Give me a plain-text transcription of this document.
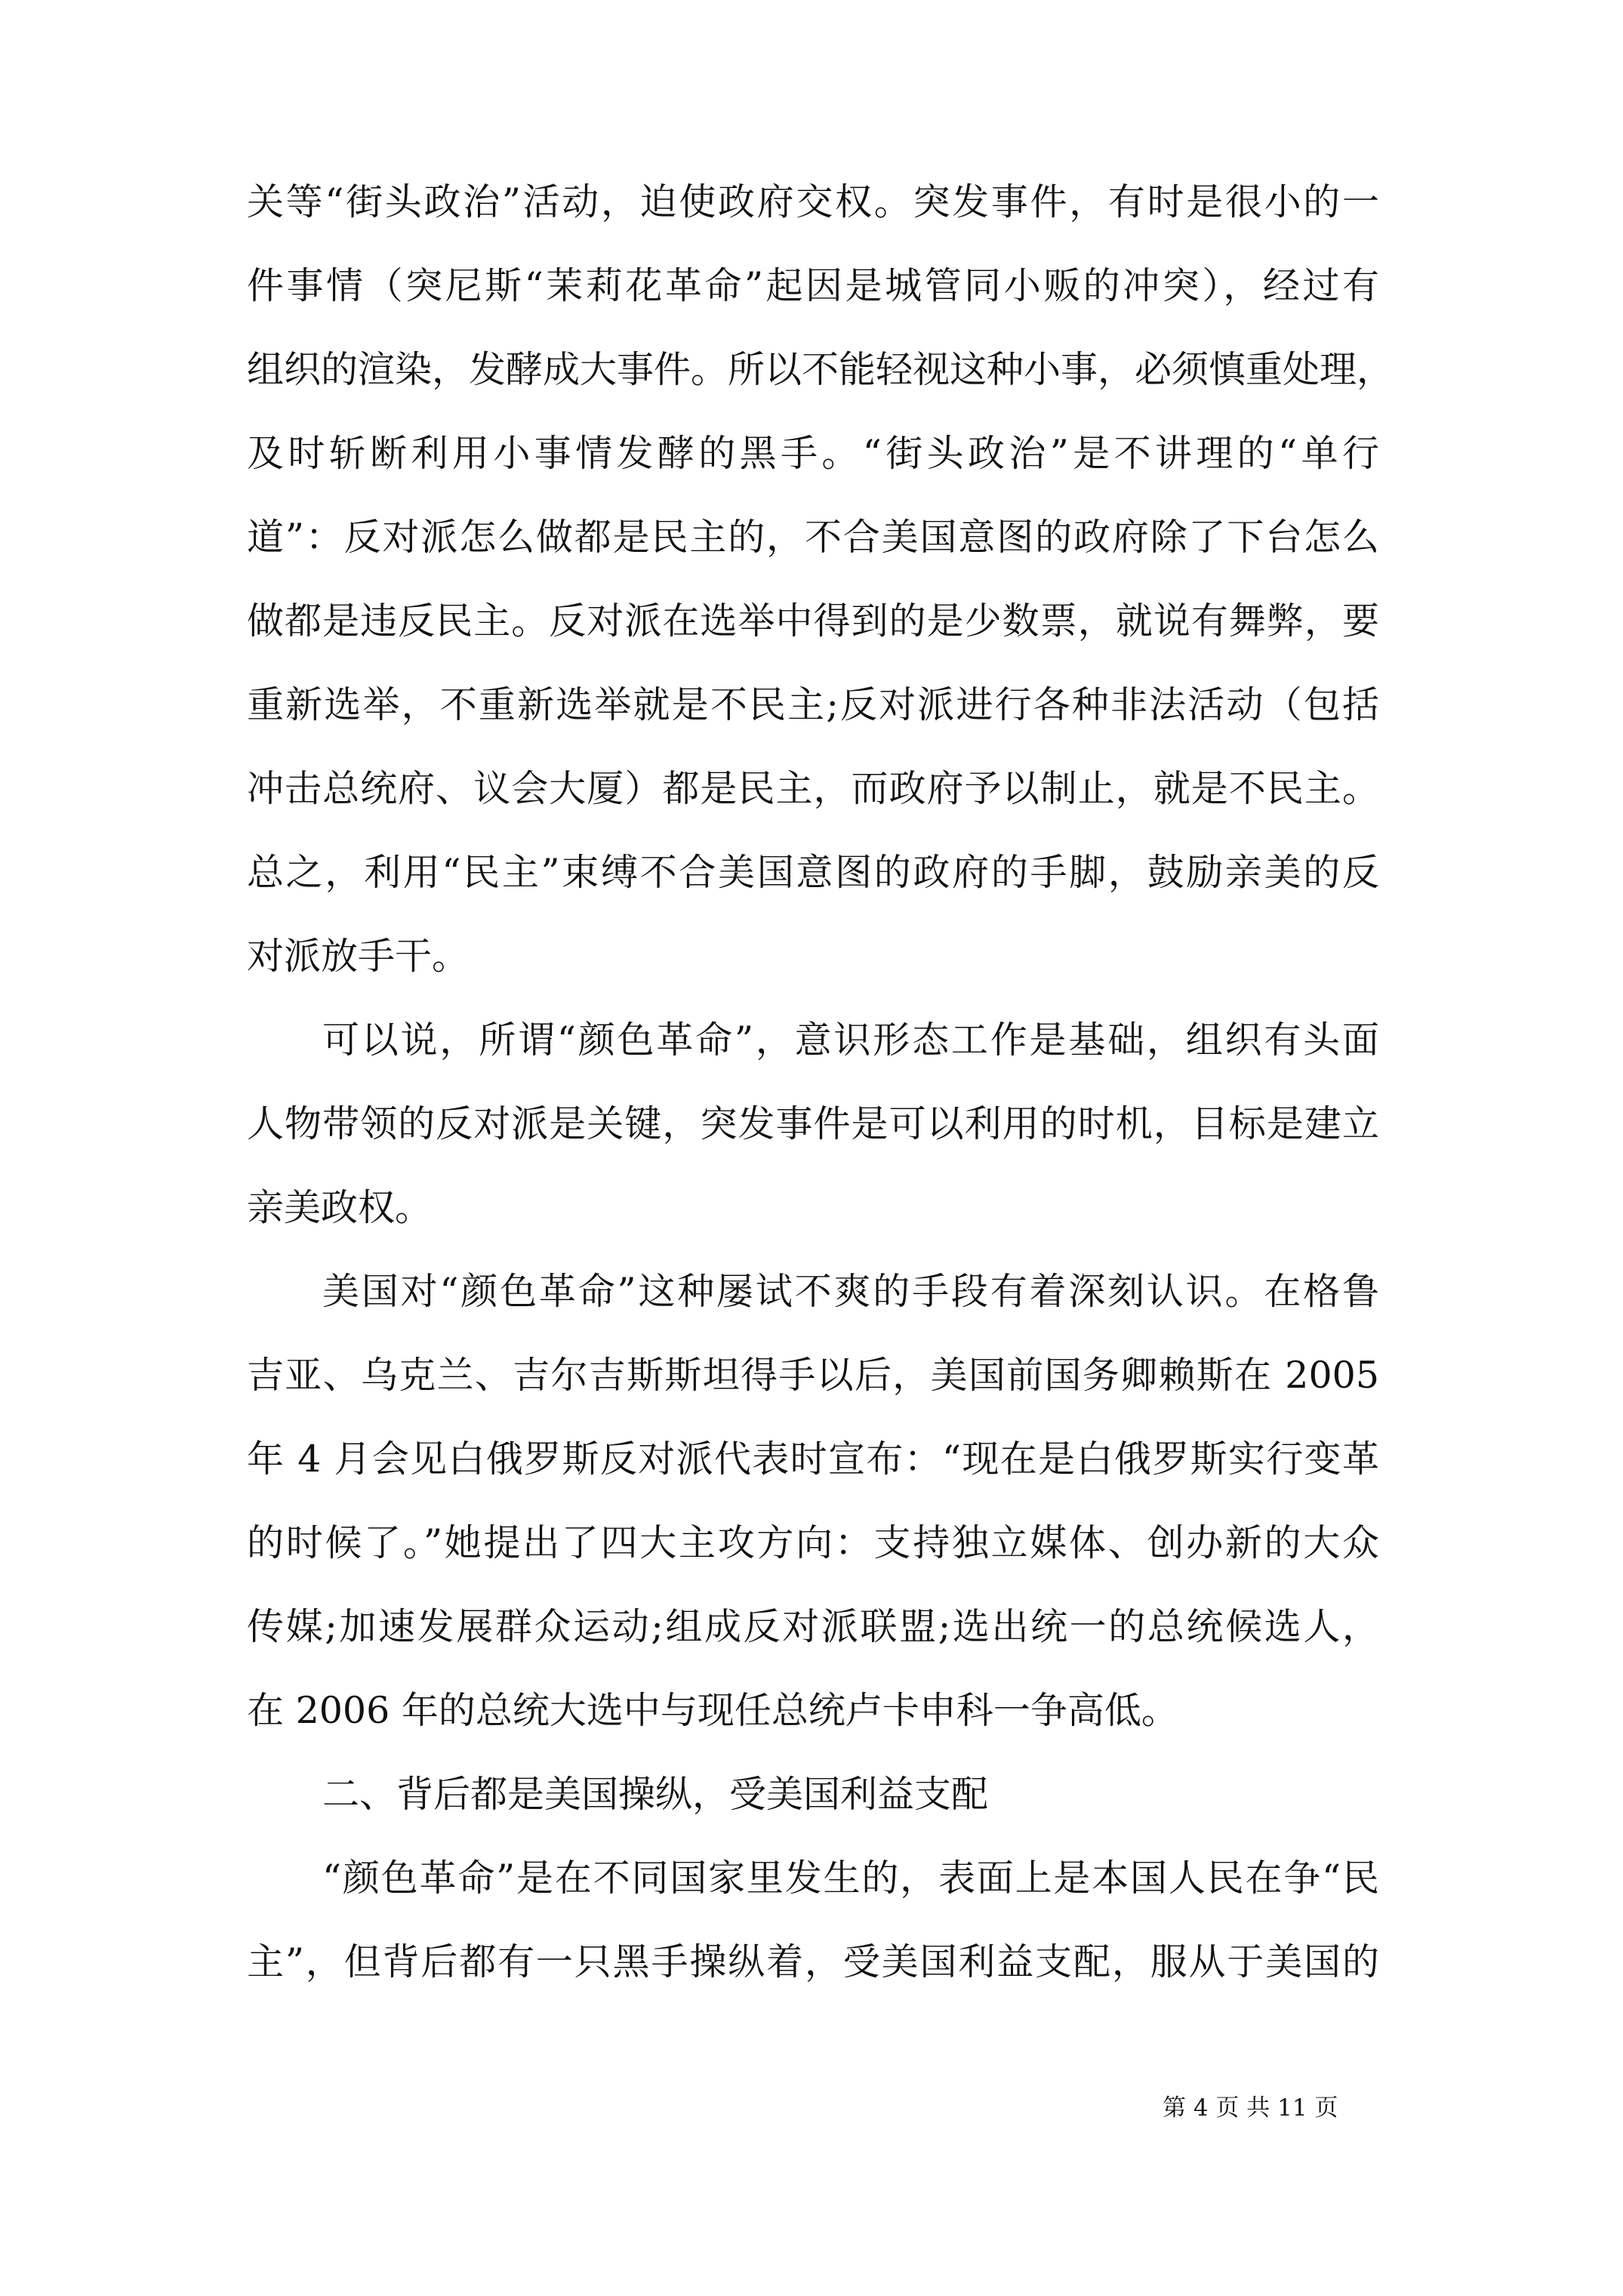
关等“街头政治”活动，迫使政府交权。突发事件，有时是很小的一
件事情（突尼斯“茉莉花革命”起因是城管同小贩的冲突），经过有
组织的渲染，发酵成大事件。所以不能轻视这种小事，必须慎重处理，
及时斩断利用小事情发酵的黑手。“街头政治”是不讲理的“单行
道”：反对派怎么做都是民主的，不合美国意图的政府除了下台怎么
做都是违反民主。反对派在选举中得到的是少数票，就说有舞弊，要
重新选举，不重新选举就是不民主;反对派进行各种非法活动（包括
冲击总统府、议会大厦）都是民主，而政府予以制止，就是不民主。
总之，利用“民主”束缚不合美国意图的政府的手脚，鼓励亲美的反
对派放手干。
可以说，所谓“颜色革命”，意识形态工作是基础，组织有头面
人物带领的反对派是关键，突发事件是可以利用的时机，目标是建立
亲美政权。
美国对“颜色革命”这种屡试不爽的手段有着深刻认识。在格鲁
吉亚、乌克兰、吉尔吉斯斯坦得手以后，美国前国务卿赖斯在 2005
年 4 月会见白俄罗斯反对派代表时宣布：“现在是白俄罗斯实行变革
的时候了。”她提出了四大主攻方向：支持独立媒体、创办新的大众
传媒;加速发展群众运动;组成反对派联盟;选出统一的总统候选人，
在 2006 年的总统大选中与现任总统卢卡申科一争高低。
二、背后都是美国操纵，受美国利益支配
“颜色革命”是在不同国家里发生的，表面上是本国人民在争“民
主”，但背后都有一只黑手操纵着，受美国利益支配，服从于美国的
第 4 页 共 11 页
